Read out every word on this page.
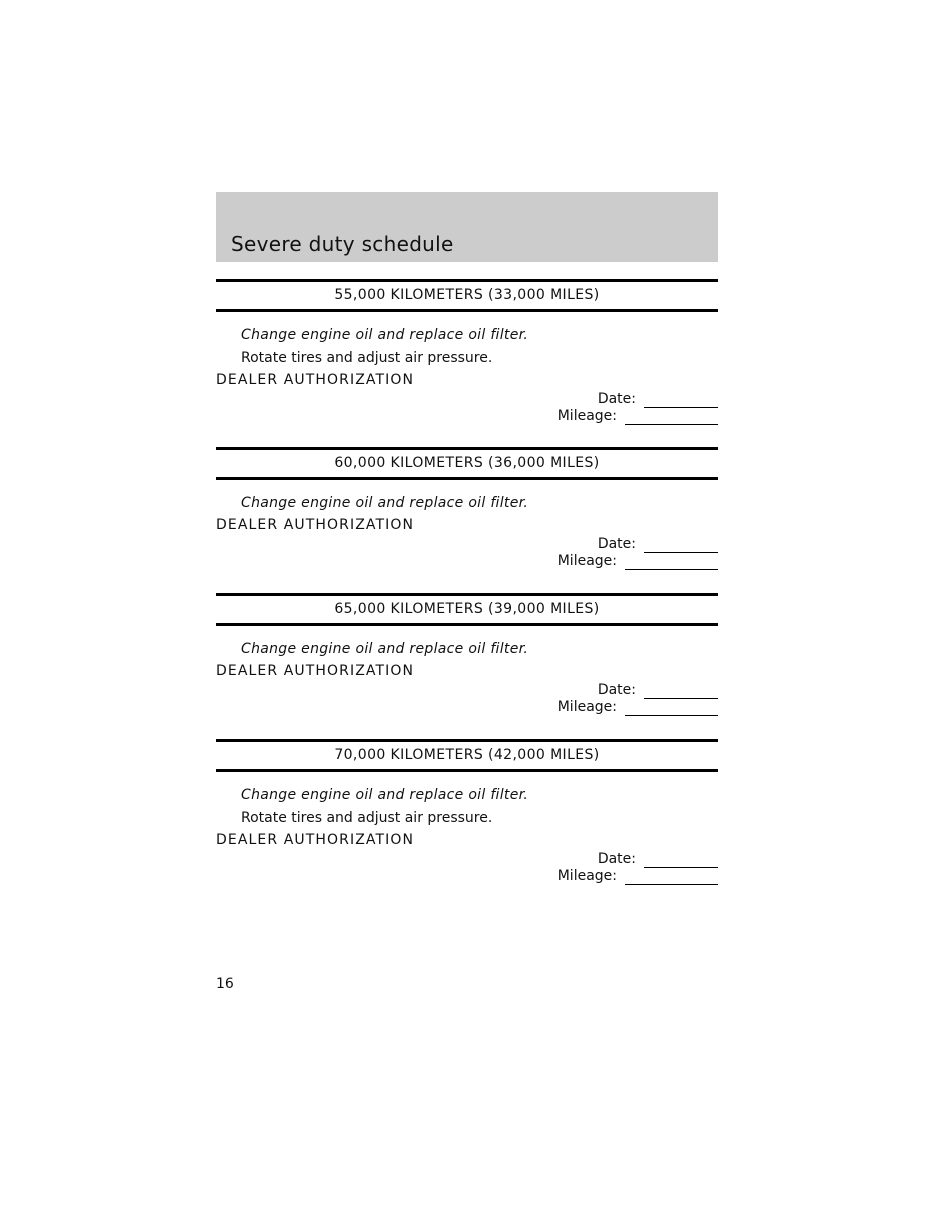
Severe duty schedule
55,000 KILOMETERS (33,000 MILES)
Change engine oil and replace oil filter.
Rotate tires and adjust air pressure.
DEALER AUTHORIZATION
Date:
Mileage:
60,000 KILOMETERS (36,000 MILES)
Change engine oil and replace oil filter.
DEALER AUTHORIZATION
Date:
Mileage:
65,000 KILOMETERS (39,000 MILES)
Change engine oil and replace oil filter.
DEALER AUTHORIZATION
Date:
Mileage:
70,000 KILOMETERS (42,000 MILES)
Change engine oil and replace oil filter.
Rotate tires and adjust air pressure.
DEALER AUTHORIZATION
Date:
Mileage:
16
